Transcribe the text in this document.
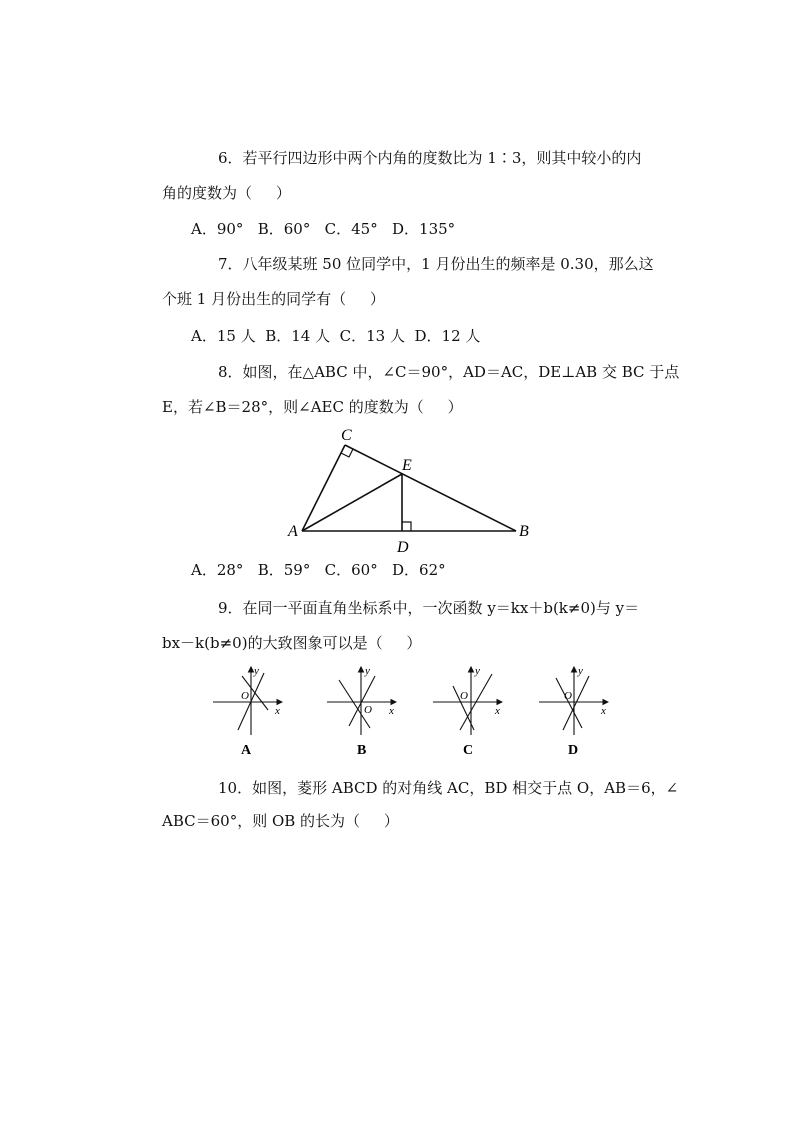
6．若平行四边形中两个内角的度数比为 1∶3，则其中较小的内
角的度数为（     ）
A．90°   B．60°   C．45°   D．135°
7．八年级某班 50 位同学中，1 月份出生的频率是 0.30，那么这
个班 1 月份出生的同学有（     ）
A．15 人  B．14 人  C．13 人  D．12 人
8．如图，在△ABC 中，∠C＝90°，AD＝AC，DE⊥AB 交 BC 于点
E，若∠B＝28°，则∠AEC 的度数为（     ）
C
E
A
D
B
A．28°   B．59°   C．60°   D．62°
9．在同一平面直角坐标系中，一次函数 y＝kx＋b(k≠0)与 y＝
bx－k(b≠0)的大致图象可以是（     ）
y
x
O
A
y
x
O
B
y
x
O
C
y
x
O
D
10．如图，菱形 ABCD 的对角线 AC，BD 相交于点 O，AB＝6，∠
ABC＝60°，则 OB 的长为（     ）
